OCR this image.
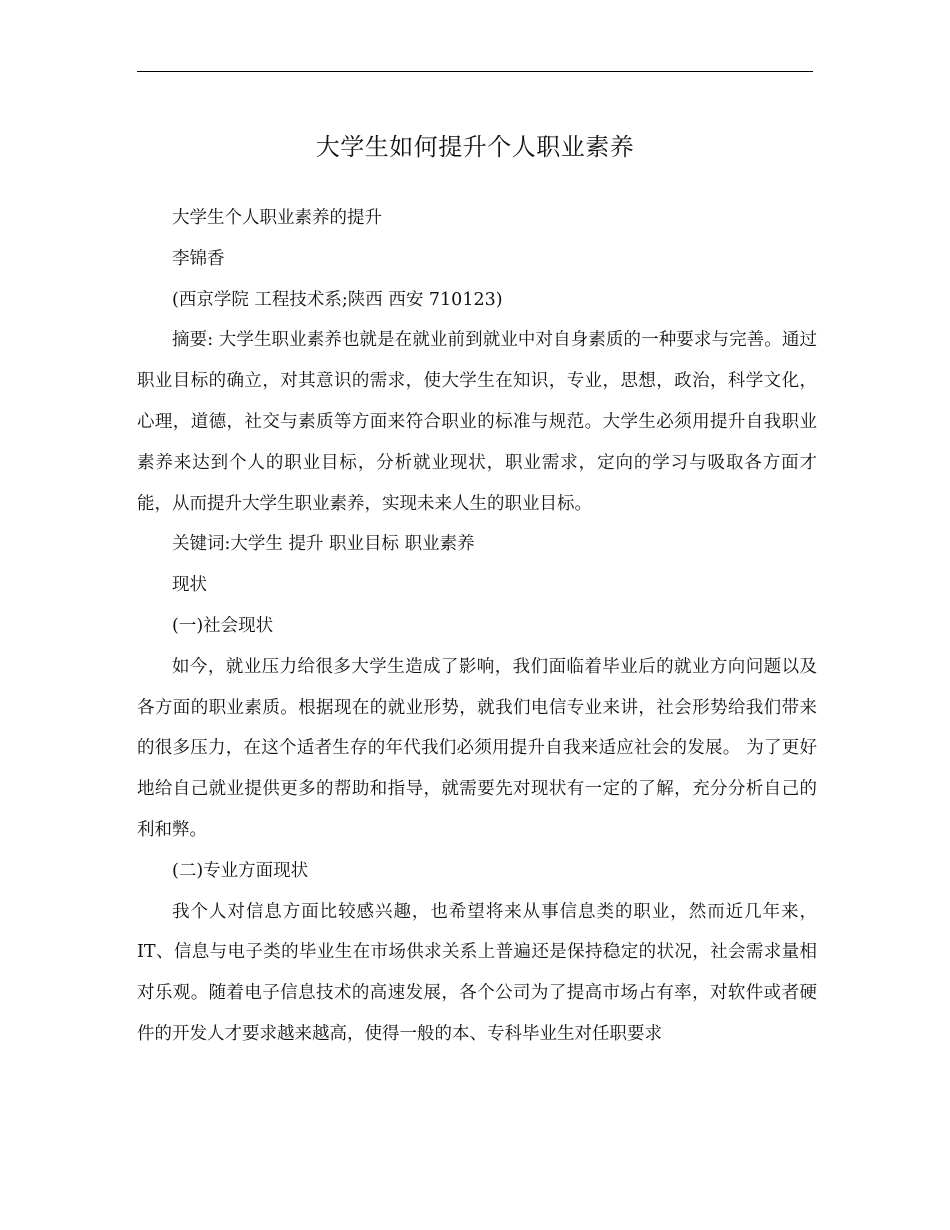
大学生如何提升个人职业素养

大学生个人职业素养的提升

李锦香

(西京学院 工程技术系;陕西 西安 710123)

摘要: 大学生职业素养也就是在就业前到就业中对自身素质的一种要求与完善。通过职业目标的确立，对其意识的需求，使大学生在知识，专业，思想，政治，科学文化，心理，道德，社交与素质等方面来符合职业的标准与规范。大学生必须用提升自我职业素养来达到个人的职业目标，分析就业现状，职业需求，定向的学习与吸取各方面才能，从而提升大学生职业素养，实现未来人生的职业目标。

关键词:大学生 提升 职业目标 职业素养

现状

(一)社会现状

如今，就业压力给很多大学生造成了影响，我们面临着毕业后的就业方向问题以及各方面的职业素质。根据现在的就业形势，就我们电信专业来讲，社会形势给我们带来的很多压力，在这个适者生存的年代我们必须用提升自我来适应社会的发展。 为了更好地给自己就业提供更多的帮助和指导，就需要先对现状有一定的了解，充分分析自己的利和弊。

(二)专业方面现状

我个人对信息方面比较感兴趣，也希望将来从事信息类的职业，然而近几年来，IT、信息与电子类的毕业生在市场供求关系上普遍还是保持稳定的状况，社会需求量相对乐观。随着电子信息技术的高速发展，各个公司为了提高市场占有率，对软件或者硬件的开发人才要求越来越高，使得一般的本、专科毕业生对任职要求
